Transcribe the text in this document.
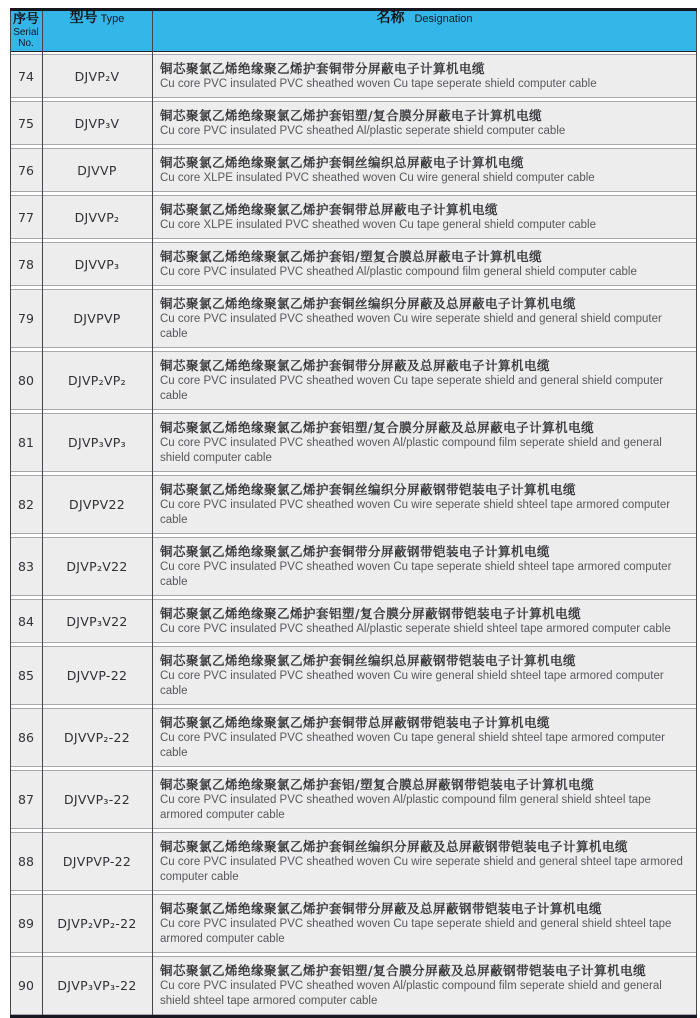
序号
Serial
No.
型号 Type	名称 Designation
74	DJVP₂V	铜芯聚氯乙烯绝缘聚乙烯护套铜带分屏蔽电子计算机电缆
Cu core PVC insulated PVC sheathed woven Cu tape seperate shield computer cable
75	DJVP₃V	铜芯聚氯乙烯绝缘聚氯乙烯护套铝塑/复合膜分屏蔽电子计算机电缆
Cu core PVC insulated PVC sheathed Al/plastic seperate shield computer cable
76	DJVVP	铜芯聚氯乙烯绝缘聚氯乙烯护套铜丝编织总屏蔽电子计算机电缆
Cu core XLPE insulated PVC sheathed woven Cu wire general shield computer cable
77	DJVVP₂	铜芯聚氯乙烯绝缘聚氯乙烯护套铜带总屏蔽电子计算机电缆
Cu core XLPE insulated PVC sheathed woven Cu tape general shield computer cable
78	DJVVP₃	铜芯聚氯乙烯绝缘聚氯乙烯护套铝/塑复合膜总屏蔽电子计算机电缆
Cu core PVC insulated PVC sheathed Al/plastic compound film general shield computer cable
79	DJVPVP
铜芯聚氯乙烯绝缘聚氯乙烯护套铜丝编织分屏蔽及总屏蔽电子计算机电缆
Cu core PVC insulated PVC sheathed woven Cu wire seperate shield and general shield computer cable
80	DJVP₂VP₂
铜芯聚氯乙烯绝缘聚氯乙烯护套铜带分屏蔽及总屏蔽电子计算机电缆
Cu core PVC insulated PVC sheathed woven Cu tape seperate shield and general shield computer cable
81	DJVP₃VP₃
铜芯聚氯乙烯绝缘聚氯乙烯护套铝塑/复合膜分屏蔽及总屏蔽电子计算机电缆
Cu core PVC insulated PVC sheathed woven Al/plastic compound film seperate shield and general shield computer cable
82	DJVPV22
铜芯聚氯乙烯绝缘聚氯乙烯护套铜丝编织分屏蔽钢带铠装电子计算机电缆
Cu core PVC insulated PVC sheathed woven Cu wire seperate shield shteel tape armored computer cable
83	DJVP₂V22
铜芯聚氯乙烯绝缘聚氯乙烯护套铜带分屏蔽钢带铠装电子计算机电缆
Cu core PVC insulated PVC sheathed woven Cu tape seperate shield shteel tape armored computer cable
84	DJVP₃V22	铜芯聚氯乙烯绝缘聚乙烯护套铝塑/复合膜分屏蔽钢带铠装电子计算机电缆
Cu core PVC insulated PVC sheathed Al/plastic seperate shield shteel tape armored computer cable
85	DJVVP-22
铜芯聚氯乙烯绝缘聚氯乙烯护套铜丝编织总屏蔽钢带铠装电子计算机电缆
Cu core PVC insulated PVC sheathed woven Cu wire general shield shteel tape armored computer cable
86	DJVVP₂-22
铜芯聚氯乙烯绝缘聚氯乙烯护套铜带总屏蔽钢带铠装电子计算机电缆
Cu core PVC insulated PVC sheathed woven Cu tape general shield shteel tape armored computer cable
87	DJVVP₃-22
铜芯聚氯乙烯绝缘聚氯乙烯护套铝/塑复合膜总屏蔽钢带铠装电子计算机电缆
Cu core PVC insulated PVC sheathed woven Al/plastic compound film general shield shteel tape armored computer cable
88	DJVPVP-22
铜芯聚氯乙烯绝缘聚氯乙烯护套铜丝编织分屏蔽及总屏蔽钢带铠装电子计算机电缆
Cu core PVC insulated PVC sheathed woven Cu wire seperate shield and general shteel tape armored computer cable
89	DJVP₂VP₂-22
铜芯聚氯乙烯绝缘聚氯乙烯护套铜带分屏蔽及总屏蔽钢带铠装电子计算机电缆
Cu core PVC insulated PVC sheathed woven Cu tape seperate shield and general shield shteel tape armored computer cable
90	DJVP₃VP₃-22
铜芯聚氯乙烯绝缘聚氯乙烯护套铝塑/复合膜分屏蔽及总屏蔽钢带铠装电子计算机电缆
Cu core PVC insulated PVC sheathed woven Al/plastic compound film seperate shield and general shield shteel tape armored computer cable
